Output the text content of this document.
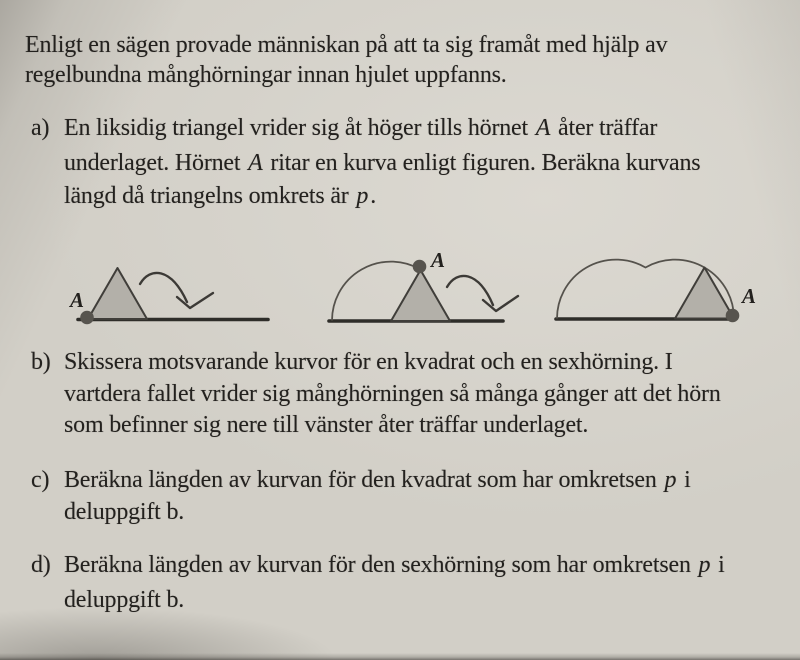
Enligt en sägen provade människan på att ta sig framåt med hjälp av
regelbundna månghörningar innan hjulet uppfanns.
a) En liksidig triangel vrider sig åt höger tills hörnet A åter träffar
underlaget. Hörnet A ritar en kurva enligt figuren. Beräkna kurvans
längd då triangelns omkrets är p.
A
A
A
b) Skissera motsvarande kurvor för en kvadrat och en sexhörning. I
vartdera fallet vrider sig månghörningen så många gånger att det hörn
som befinner sig nere till vänster åter träffar underlaget.
c) Beräkna längden av kurvan för den kvadrat som har omkretsen p i
deluppgift b.
d) Beräkna längden av kurvan för den sexhörning som har omkretsen p i
deluppgift b.
